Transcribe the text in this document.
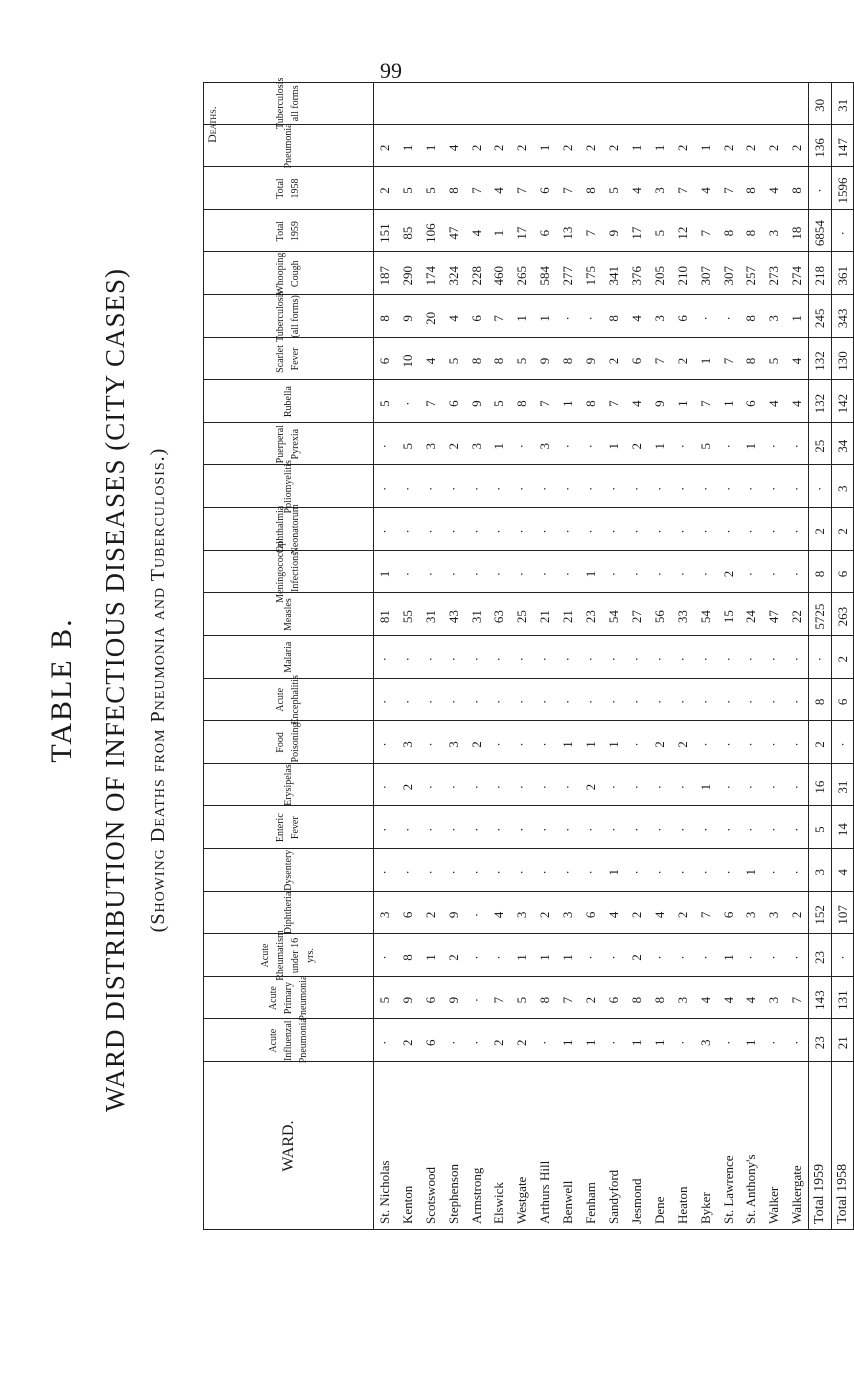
99
TABLE B. WARD DISTRIBUTION OF INFECTIOUS DISEASES (CITY CASES) (Showing Deaths from Pneumonia and Tuberculosis.)
WARD.
Acute Influenzal Pneumonia
Acute Primary Pneumonia
Acute Rheumatism under 16 yrs.
Diphtheria
Dysentery
Enteric Fever
Erysipelas
Food Poisoning
Acute Encephalitis
Malaria
Measles
Meningococcal Infections
Ophthalmia Neonatorum
Poliomyelitis
Puerperal Pyrexia
Rubella
Scarlet Fever
Tuberculosis (all forms)
Whooping Cough
Total 1959
Total 1958
Pneumonia
Tuberculosis all forms
Deaths.
St. Nicholas
·
5
·
3
·
·
·
·
·
·
81
1
·
·
·
5
6
8
187
151
2
2
Kenton
2
9
8
6
·
·
2
3
·
·
55
·
·
·
5
·
10
9
290
85
5
1
Scotswood
6
6
1
2
·
·
·
·
·
·
31
·
·
·
3
7
4
20
174
106
5
1
Stephenson
·
9
2
9
·
·
·
3
·
·
43
·
·
·
2
6
5
4
324
47
8
4
Armstrong
·
·
·
·
·
·
·
2
·
·
31
·
·
·
3
9
8
6
228
4
7
2
Elswick
2
7
·
4
·
·
·
·
·
·
63
·
·
·
1
5
8
7
460
1
4
2
Westgate
2
5
1
3
·
·
·
·
·
·
25
·
·
·
·
8
5
1
265
17
7
2
Arthurs Hill
·
8
1
2
·
·
·
·
·
·
21
·
·
·
3
7
9
1
584
6
6
1
Benwell
1
7
1
3
·
·
·
1
·
·
21
·
·
·
·
1
8
·
277
13
7
2
Fenham
1
2
·
6
·
·
2
1
·
·
23
1
·
·
·
8
9
·
175
7
8
2
Sandyford
·
6
·
4
1
·
·
1
·
·
54
·
·
·
1
7
2
8
341
9
5
2
Jesmond
1
8
2
2
·
·
·
·
·
·
27
·
·
·
2
4
6
4
376
17
4
1
Dene
1
8
·
4
·
·
·
2
·
·
56
·
·
·
1
9
7
3
205
5
3
1
Heaton
·
3
·
2
·
·
·
2
·
·
33
·
·
·
·
1
2
6
210
12
7
2
Byker
3
4
·
7
·
·
1
·
·
·
54
·
·
·
5
7
1
·
307
7
4
1
St. Lawrence
·
4
1
6
·
·
·
·
·
·
15
2
·
·
·
1
7
·
307
8
7
2
St. Anthony's
1
4
·
3
1
·
·
·
·
·
24
·
·
·
1
6
8
8
257
8
8
2
Walker
·
3
·
3
·
·
·
·
·
·
47
·
·
·
·
4
5
3
273
3
4
2
Walkergate
·
7
·
2
·
·
·
·
·
·
22
·
·
·
·
4
4
1
274
18
8
2
Total 1959
23
143
23
152
3
5
16
2
8
·
5725
8
2
·
25
132
132
245
218
6854
·
136
30
Total 1958
21
131
·
107
4
14
31
·
6
2
263
6
2
3
34
142
130
343
361
·
1596
147
31
